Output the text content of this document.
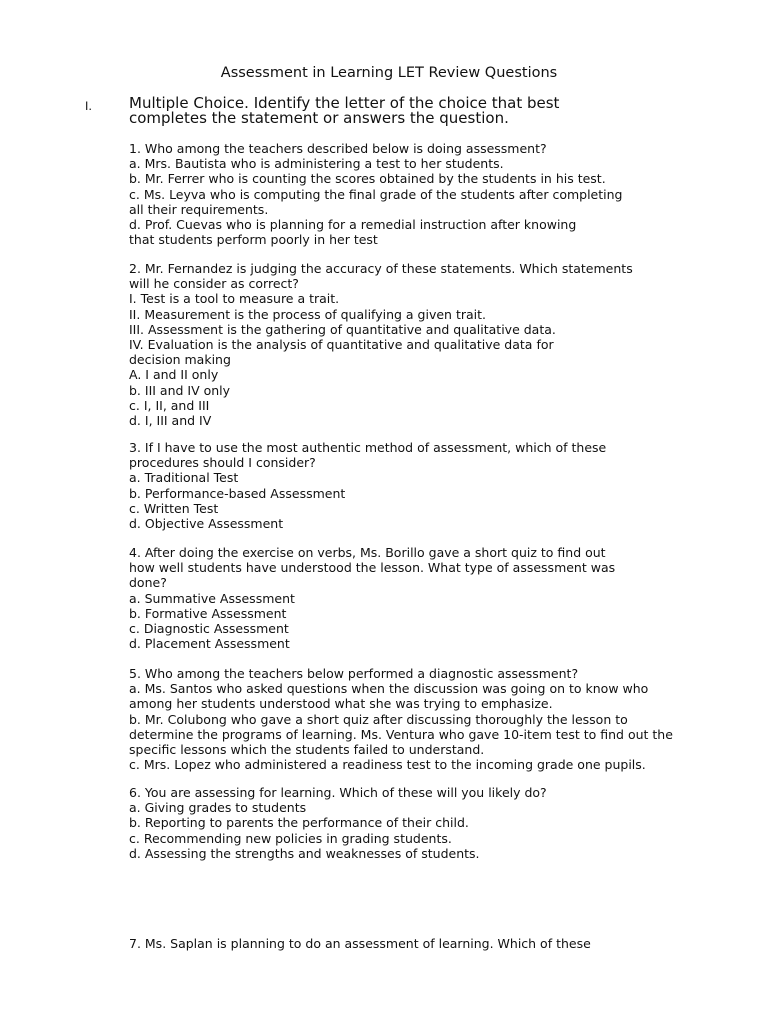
Assessment in Learning LET Review Questions
I. Multiple Choice. Identify the letter of the choice that best
completes the statement or answers the question.
1. Who among the teachers described below is doing assessment?
a. Mrs. Bautista who is administering a test to her students.
b. Mr. Ferrer who is counting the scores obtained by the students in his test.
c. Ms. Leyva who is computing the final grade of the students after completing
all their requirements.
d. Prof. Cuevas who is planning for a remedial instruction after knowing
that students perform poorly in her test
2. Mr. Fernandez is judging the accuracy of these statements. Which statements
will he consider as correct?
I. Test is a tool to measure a trait.
II. Measurement is the process of qualifying a given trait.
III. Assessment is the gathering of quantitative and qualitative data.
IV. Evaluation is the analysis of quantitative and qualitative data for
decision making
A. I and II only
b. III and IV only
c. I, II, and III
d. I, III and IV
3. If I have to use the most authentic method of assessment, which of these
procedures should I consider?
a. Traditional Test
b. Performance-based Assessment
c. Written Test
d. Objective Assessment
4. After doing the exercise on verbs, Ms. Borillo gave a short quiz to find out
how well students have understood the lesson. What type of assessment was
done?
a. Summative Assessment
b. Formative Assessment
c. Diagnostic Assessment
d. Placement Assessment
5. Who among the teachers below performed a diagnostic assessment?
a. Ms. Santos who asked questions when the discussion was going on to know who
among her students understood what she was trying to emphasize.
b. Mr. Colubong who gave a short quiz after discussing thoroughly the lesson to
determine the programs of learning. Ms. Ventura who gave 10-item test to find out the
specific lessons which the students failed to understand.
c. Mrs. Lopez who administered a readiness test to the incoming grade one pupils.
6. You are assessing for learning. Which of these will you likely do?
a. Giving grades to students
b. Reporting to parents the performance of their child.
c. Recommending new policies in grading students.
d. Assessing the strengths and weaknesses of students.
7. Ms. Saplan is planning to do an assessment of learning. Which of these
